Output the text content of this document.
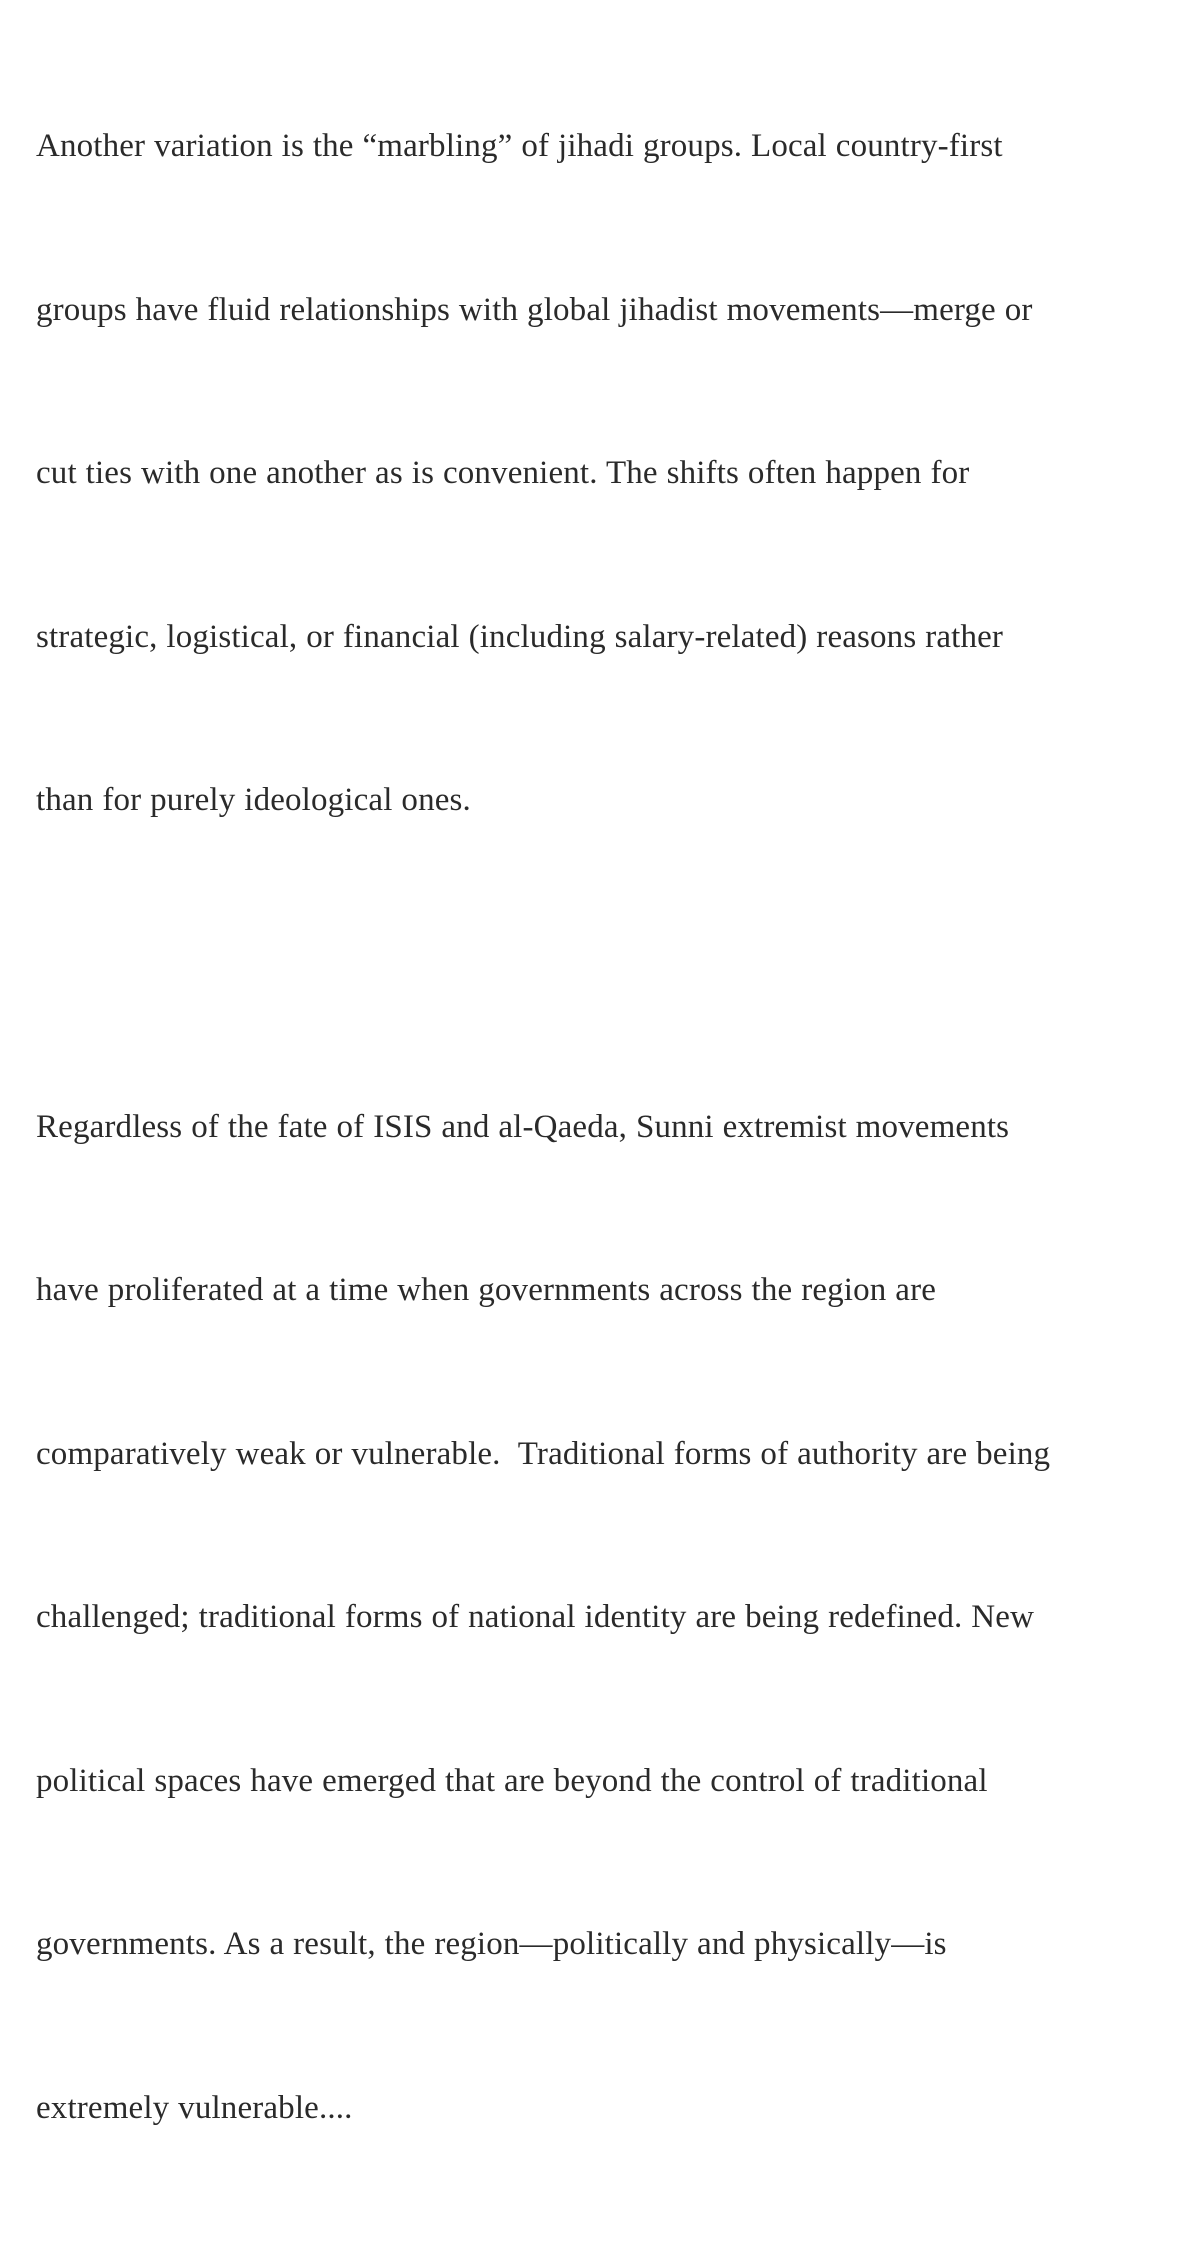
Another variation is the “marbling” of jihadi groups. Local country-first

groups have fluid relationships with global jihadist movements—merge or

cut ties with one another as is convenient. The shifts often happen for

strategic, logistical, or financial (including salary-related) reasons rather

than for purely ideological ones.

Regardless of the fate of ISIS and al-Qaeda, Sunni extremist movements

have proliferated at a time when governments across the region are

comparatively weak or vulnerable.  Traditional forms of authority are being

challenged; traditional forms of national identity are being redefined. New

political spaces have emerged that are beyond the control of traditional

governments. As a result, the region—politically and physically—is

extremely vulnerable....
